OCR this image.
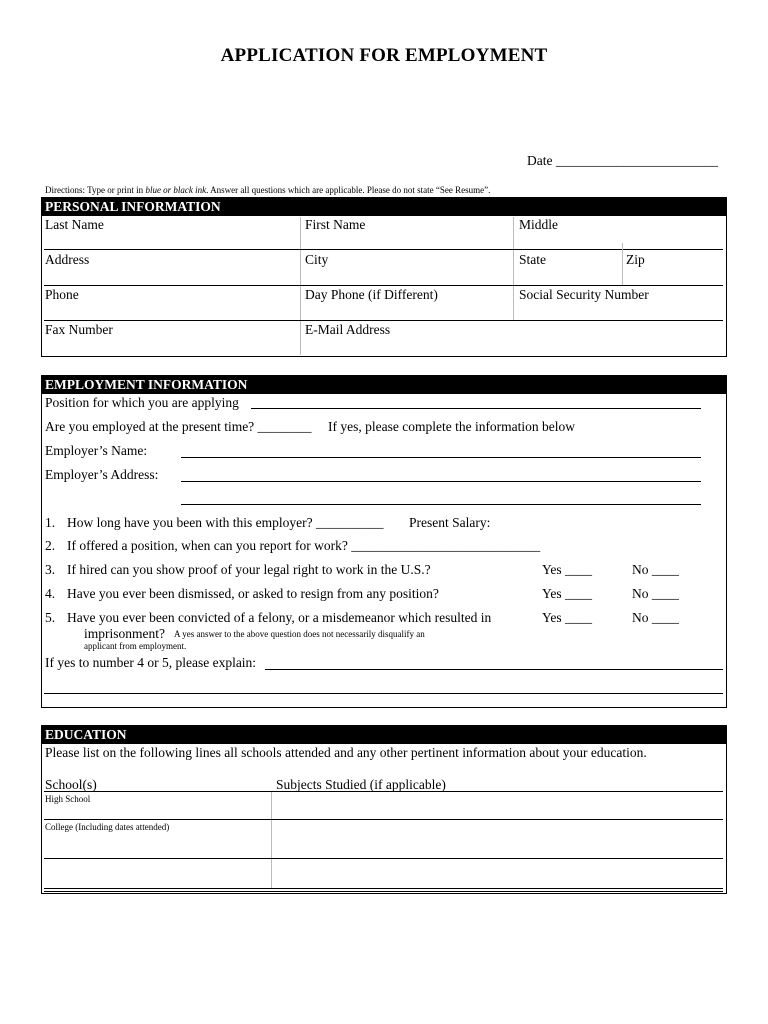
APPLICATION FOR EMPLOYMENT
Date ________________________
Directions: Type or print in blue or black ink. Answer all questions which are applicable. Please do not state “See Resume”.
PERSONAL INFORMATION
Last Name	First Name	Middle
Address	City	State	Zip
Phone	Day Phone (if Different)	Social Security Number
Fax Number	E-Mail Address
EMPLOYMENT INFORMATION
Position for which you are applying
Are you employed at the present time? ________ If yes, please complete the information below
Employer’s Name:
Employer’s Address:
1. How long have you been with this employer? __________ Present Salary:
2. If offered a position, when can you report for work? ____________________________
3. If hired can you show proof of your legal right to work in the U.S.?	Yes ____	No ____
4. Have you ever been dismissed, or asked to resign from any position?	Yes ____	No ____
5. Have you ever been convicted of a felony, or a misdemeanor which resulted in	Yes ____	No ____
imprisonment? A yes answer to the above question does not necessarily disqualify an
applicant from employment.
If yes to number 4 or 5, please explain:
EDUCATION
Please list on the following lines all schools attended and any other pertinent information about your education.
School(s)	Subjects Studied (if applicable)
High School
College (Including dates attended)
